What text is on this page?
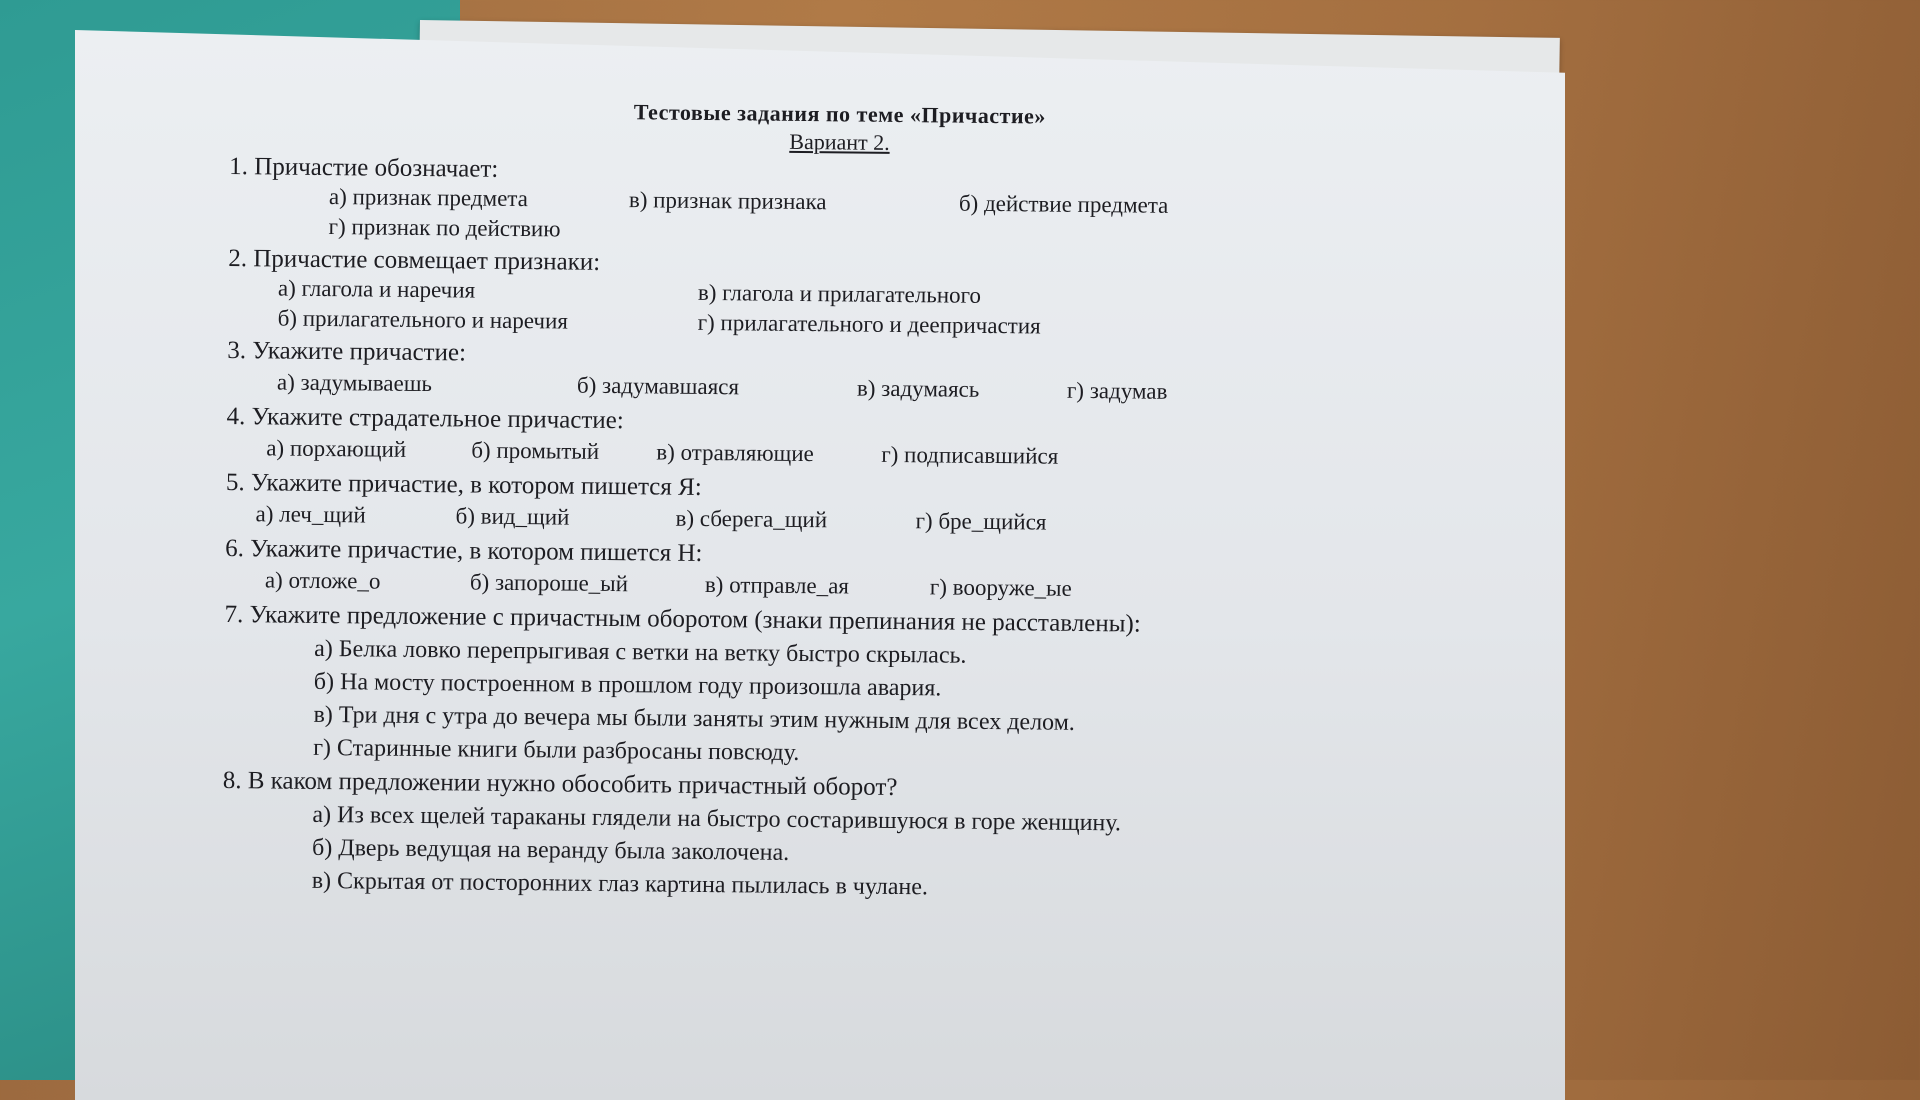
Тестовые задания по теме «Причастие»
Вариант 2.
1. Причастие обозначает:
а) признак предмета	в) признак признака	б) действие предмета
г) признак по действию
2. Причастие совмещает признаки:
а) глагола и наречия	в) глагола и прилагательного
б) прилагательного и наречия	г) прилагательного и деепричастия
3. Укажите причастие:
а) задумываешь	б) задумавшаяся	в) задумаясь	г) задумав
4. Укажите страдательное причастие:
а) порхающий	б) промытый	в) отравляющие	г) подписавшийся
5. Укажите причастие, в котором пишется Я:
а) леч_щий	б) вид_щий	в) сберега_щий	г) бре_щийся
6. Укажите причастие, в котором пишется Н:
а) отложе_о	б) запороше_ый	в) отправле_ая	г) вооруже_ые
7. Укажите предложение с причастным оборотом (знаки препинания не расставлены):
а) Белка ловко перепрыгивая с ветки на ветку быстро скрылась.
б) На мосту построенном в прошлом году произошла авария.
в) Три дня с утра до вечера мы были заняты этим нужным для всех делом.
г) Старинные книги были разбросаны повсюду.
8. В каком предложении нужно обособить причастный оборот?
а) Из всех щелей тараканы глядели на быстро состарившуюся в горе женщину.
б) Дверь ведущая на веранду была заколочена.
в) Скрытая от посторонних глаз картина пылилась в чулане.
